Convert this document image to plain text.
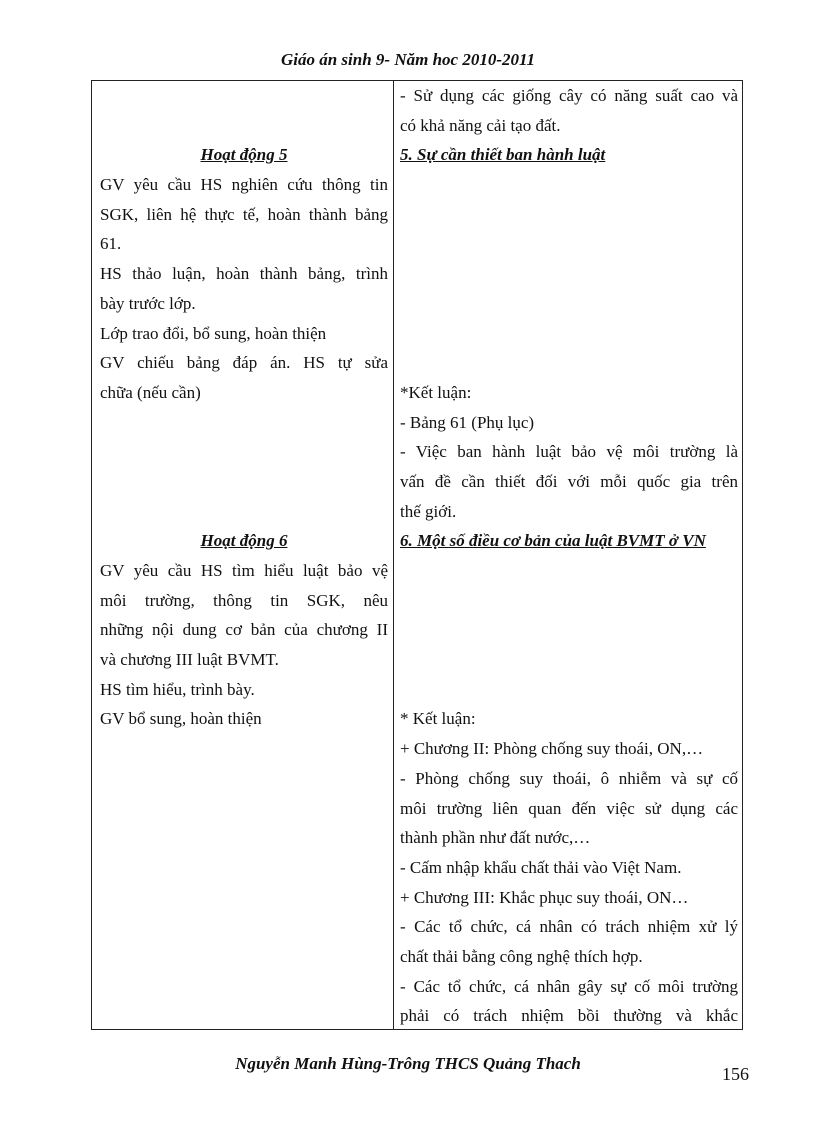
Giáo án sinh 9- Năm hoc 2010-2011
Hoạt động 5
GV yêu cầu HS nghiên cứu thông tin
SGK, liên hệ thực tế, hoàn thành bảng
61.
HS thảo luận, hoàn thành bảng, trình
bày trước lớp.
Lớp trao đổi, bổ sung, hoàn thiện
GV chiếu bảng đáp án. HS tự sửa
chữa (nếu cần)
Hoạt động 6
GV yêu cầu HS tìm hiểu luật bảo vệ
môi trường, thông tin SGK, nêu
những nội dung cơ bản của chương II
và chương III luật BVMT.
HS tìm hiểu, trình bày.
GV bổ sung, hoàn thiện
- Sử dụng các giống cây có năng suất cao và
có khả năng cải tạo đất.
5. Sự cần thiết ban hành luật
*Kết luận:
- Bảng 61 (Phụ lục)
- Việc ban hành luật bảo vệ môi trường là
vấn đề cần thiết đối với mỗi quốc gia trên
thế giới.
6. Một số điều cơ bản của luật BVMT ở VN
* Kết luận:
+ Chương II: Phòng chống suy thoái, ON,…
- Phòng chống suy thoái, ô nhiễm và sự cố
môi trường liên quan đến việc sử dụng các
thành phần như đất nước,…
- Cấm nhập khẩu chất thải vào Việt Nam.
+ Chương III: Khắc phục suy thoái, ON…
- Các tổ chức, cá nhân có trách nhiệm xử lý
chất thải bằng công nghệ thích hợp.
- Các tổ chức, cá nhân gây sự cố môi trường
phải có trách nhiệm bồi thường và khắc
Nguyễn Manh Hùng-Trông THCS Quảng Thach
156
